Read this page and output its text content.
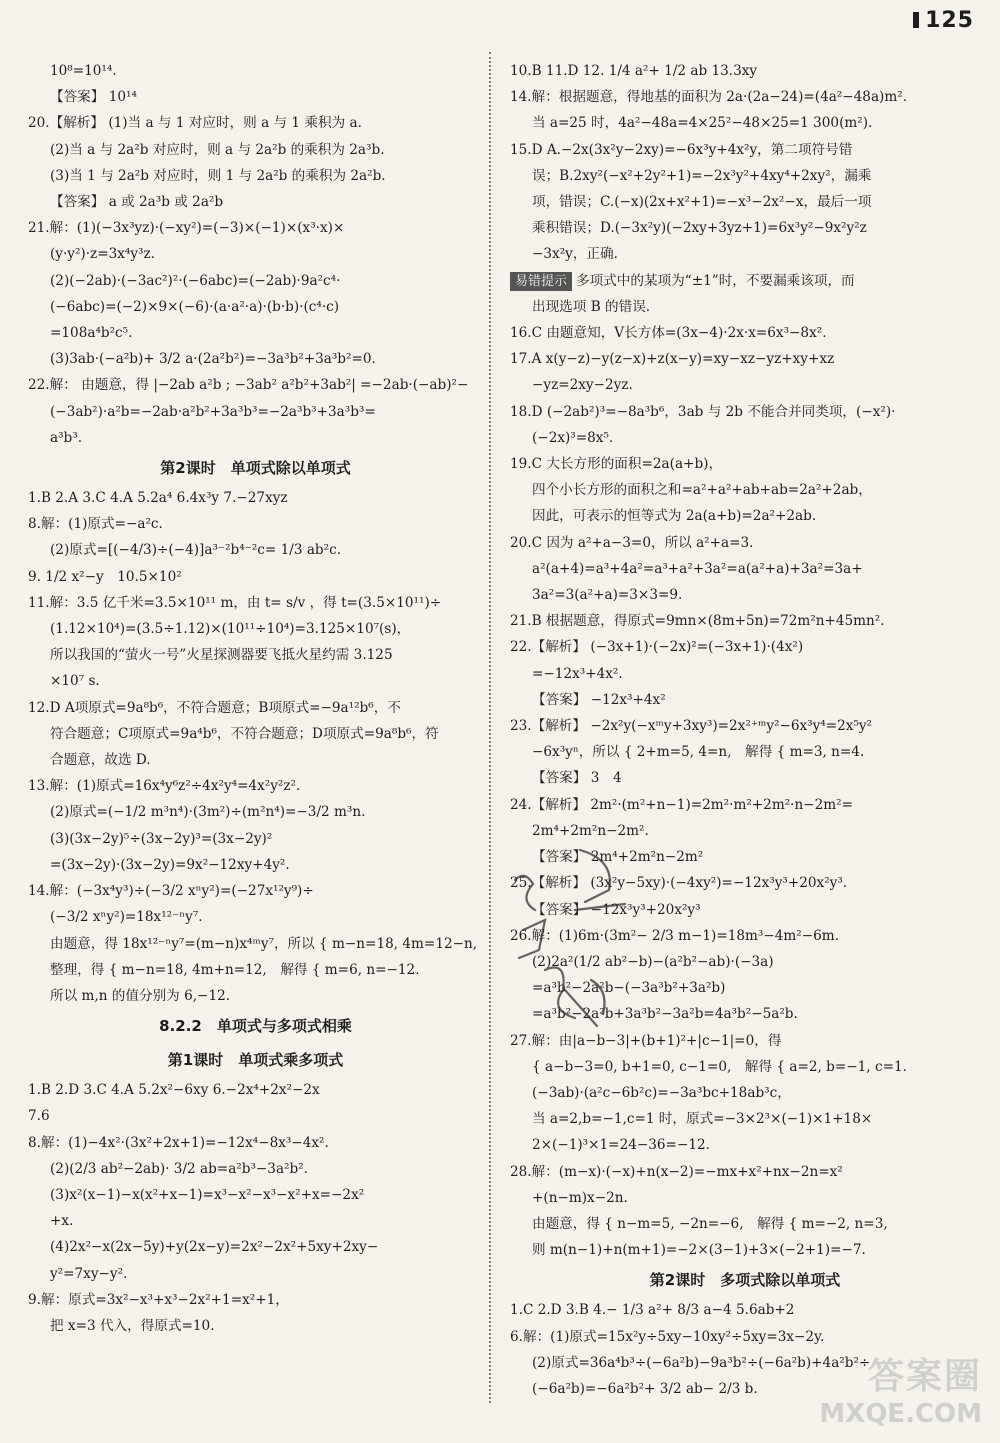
125
10⁸=10¹⁴.
【答案】 10¹⁴
20.【解析】 (1)当 a 与 1 对应时，则 a 与 1 乘积为 a.
(2)当 a 与 2a²b 对应时，则 a 与 2a²b 的乘积为 2a³b.
(3)当 1 与 2a²b 对应时，则 1 与 2a²b 的乘积为 2a²b.
【答案】 a 或 2a³b 或 2a²b
21.解：(1)(−3x³yz)·(−xy²)=(−3)×(−1)×(x³·x)×
(y·y²)·z=3x⁴y³z.
(2)(−2ab)·(−3ac²)²·(−6abc)=(−2ab)·9a²c⁴·
(−6abc)=(−2)×9×(−6)·(a·a²·a)·(b·b)·(c⁴·c)
=108a⁴b²c⁵.
(3)3ab·(−a²b)+ 3/2 a·(2a²b²)=−3a³b²+3a³b²=0.
22.解： 由题意，得 |−2ab a²b ; −3ab² a²b²+3ab²| =−2ab·(−ab)²−
(−3ab²)·a²b=−2ab·a²b²+3a³b³=−2a³b³+3a³b³=
a³b³.
第2课时　单项式除以单项式
1.B 2.A 3.C 4.A 5.2a⁴ 6.4x³y 7.−27xyz
8.解：(1)原式=−a²c.
(2)原式=[(−4/3)÷(−4)]a³⁻²b⁴⁻²c= 1/3 ab²c.
9. 1/2 x²−y　10.5×10²
11.解：3.5 亿千米=3.5×10¹¹ m，由 t= s/v ，得 t=(3.5×10¹¹)÷
(1.12×10⁴)=(3.5÷1.12)×(10¹¹÷10⁴)=3.125×10⁷(s)，
所以我国的“萤火一号”火星探测器要飞抵火星约需 3.125
×10⁷ s.
12.D A项原式=9a⁸b⁶，不符合题意；B项原式=−9a¹²b⁶，不
符合题意；C项原式=9a⁴b⁶，不符合题意；D项原式=9a⁸b⁶，符
合题意，故选 D.
13.解：(1)原式=16x⁴y⁶z²÷4x²y⁴=4x²y²z².
(2)原式=(−1/2 m³n⁴)·(3m²)÷(m²n⁴)=−3/2 m³n.
(3)(3x−2y)⁵÷(3x−2y)³=(3x−2y)²
=(3x−2y)·(3x−2y)=9x²−12xy+4y².
14.解：(−3x⁴y³)÷(−3/2 xⁿy²)=(−27x¹²y⁹)÷
(−3/2 xⁿy²)=18x¹²⁻ⁿy⁷.
由题意，得 18x¹²⁻ⁿy⁷=(m−n)x⁴ᵐy⁷，所以 { m−n=18, 4m=12−n,
整理，得 { m−n=18, 4m+n=12,　解得 { m=6, n=−12.
所以 m,n 的值分别为 6,−12.
8.2.2　单项式与多项式相乘
第1课时　单项式乘多项式
1.B 2.D 3.C 4.A 5.2x²−6xy 6.−2x⁴+2x²−2x
7.6
8.解：(1)−4x²·(3x²+2x+1)=−12x⁴−8x³−4x².
(2)(2/3 ab²−2ab)· 3/2 ab=a²b³−3a²b².
(3)x²(x−1)−x(x²+x−1)=x³−x²−x³−x²+x=−2x²
+x.
(4)2x²−x(2x−5y)+y(2x−y)=2x²−2x²+5xy+2xy−
y²=7xy−y².
9.解：原式=3x²−x³+x³−2x²+1=x²+1，
把 x=3 代入，得原式=10.
10.B 11.D 12. 1/4 a²+ 1/2 ab 13.3xy
14.解：根据题意，得地基的面积为 2a·(2a−24)=(4a²−48a)m².
当 a=25 时，4a²−48a=4×25²−48×25=1 300(m²).
15.D A.−2x(3x²y−2xy)=−6x³y+4x²y，第二项符号错
误；B.2xy²(−x²+2y²+1)=−2x³y²+4xy⁴+2xy²，漏乘
项，错误；C.(−x)(2x+x²+1)=−x³−2x²−x，最后一项
乘积错误；D.(−3x²y)(−2xy+3yz+1)=6x³y²−9x²y²z
−3x²y，正确.
易错提示 多项式中的某项为“±1”时，不要漏乘该项，而
出现选项 B 的错误.
16.C 由题意知，V长方体=(3x−4)·2x·x=6x³−8x².
17.A x(y−z)−y(z−x)+z(x−y)=xy−xz−yz+xy+xz
−yz=2xy−2yz.
18.D (−2ab²)³=−8a³b⁶，3ab 与 2b 不能合并同类项，(−x²)·
(−2x)³=8x⁵.
19.C 大长方形的面积=2a(a+b)，
四个小长方形的面积之和=a²+a²+ab+ab=2a²+2ab，
因此，可表示的恒等式为 2a(a+b)=2a²+2ab.
20.C 因为 a²+a−3=0，所以 a²+a=3.
a²(a+4)=a³+4a²=a³+a²+3a²=a(a²+a)+3a²=3a+
3a²=3(a²+a)=3×3=9.
21.B 根据题意，得原式=9mn×(8m+5n)=72m²n+45mn².
22.【解析】 (−3x+1)·(−2x)²=(−3x+1)·(4x²)
=−12x³+4x².
【答案】 −12x³+4x²
23.【解析】 −2x²y(−xᵐy+3xy³)=2x²⁺ᵐy²−6x³y⁴=2x⁵y²
−6x³yⁿ，所以 { 2+m=5, 4=n,　解得 { m=3, n=4.
【答案】 3　4
24.【解析】 2m²·(m²+n−1)=2m²·m²+2m²·n−2m²=
2m⁴+2m²n−2m².
【答案】 2m⁴+2m²n−2m²
25.【解析】 (3x²y−5xy)·(−4xy²)=−12x³y³+20x²y³.
【答案】 −12x³y³+20x²y³
26.解：(1)6m·(3m²− 2/3 m−1)=18m³−4m²−6m.
(2)2a²(1/2 ab²−b)−(a²b²−ab)·(−3a)
=a³b²−2a²b−(−3a³b²+3a²b)
=a³b²−2a²b+3a³b²−3a²b=4a³b²−5a²b.
27.解：由|a−b−3|+(b+1)²+|c−1|=0，得
{ a−b−3=0, b+1=0, c−1=0,　解得 { a=2, b=−1, c=1.
(−3ab)·(a²c−6b²c)=−3a³bc+18ab³c，
当 a=2,b=−1,c=1 时，原式=−3×2³×(−1)×1+18×
2×(−1)³×1=24−36=−12.
28.解：(m−x)·(−x)+n(x−2)=−mx+x²+nx−2n=x²
+(n−m)x−2n.
由题意，得 { n−m=5, −2n=−6,　解得 { m=−2, n=3,
则 m(n−1)+n(m+1)=−2×(3−1)+3×(−2+1)=−7.
第2课时　多项式除以单项式
1.C 2.D 3.B 4.− 1/3 a²+ 8/3 a−4 5.6ab+2
6.解：(1)原式=15x²y÷5xy−10xy²÷5xy=3x−2y.
(2)原式=36a⁴b³÷(−6a²b)−9a³b²÷(−6a²b)+4a²b²÷
(−6a²b)=−6a²b²+ 3/2 ab− 2/3 b.	答案圈
MXQE.COM
